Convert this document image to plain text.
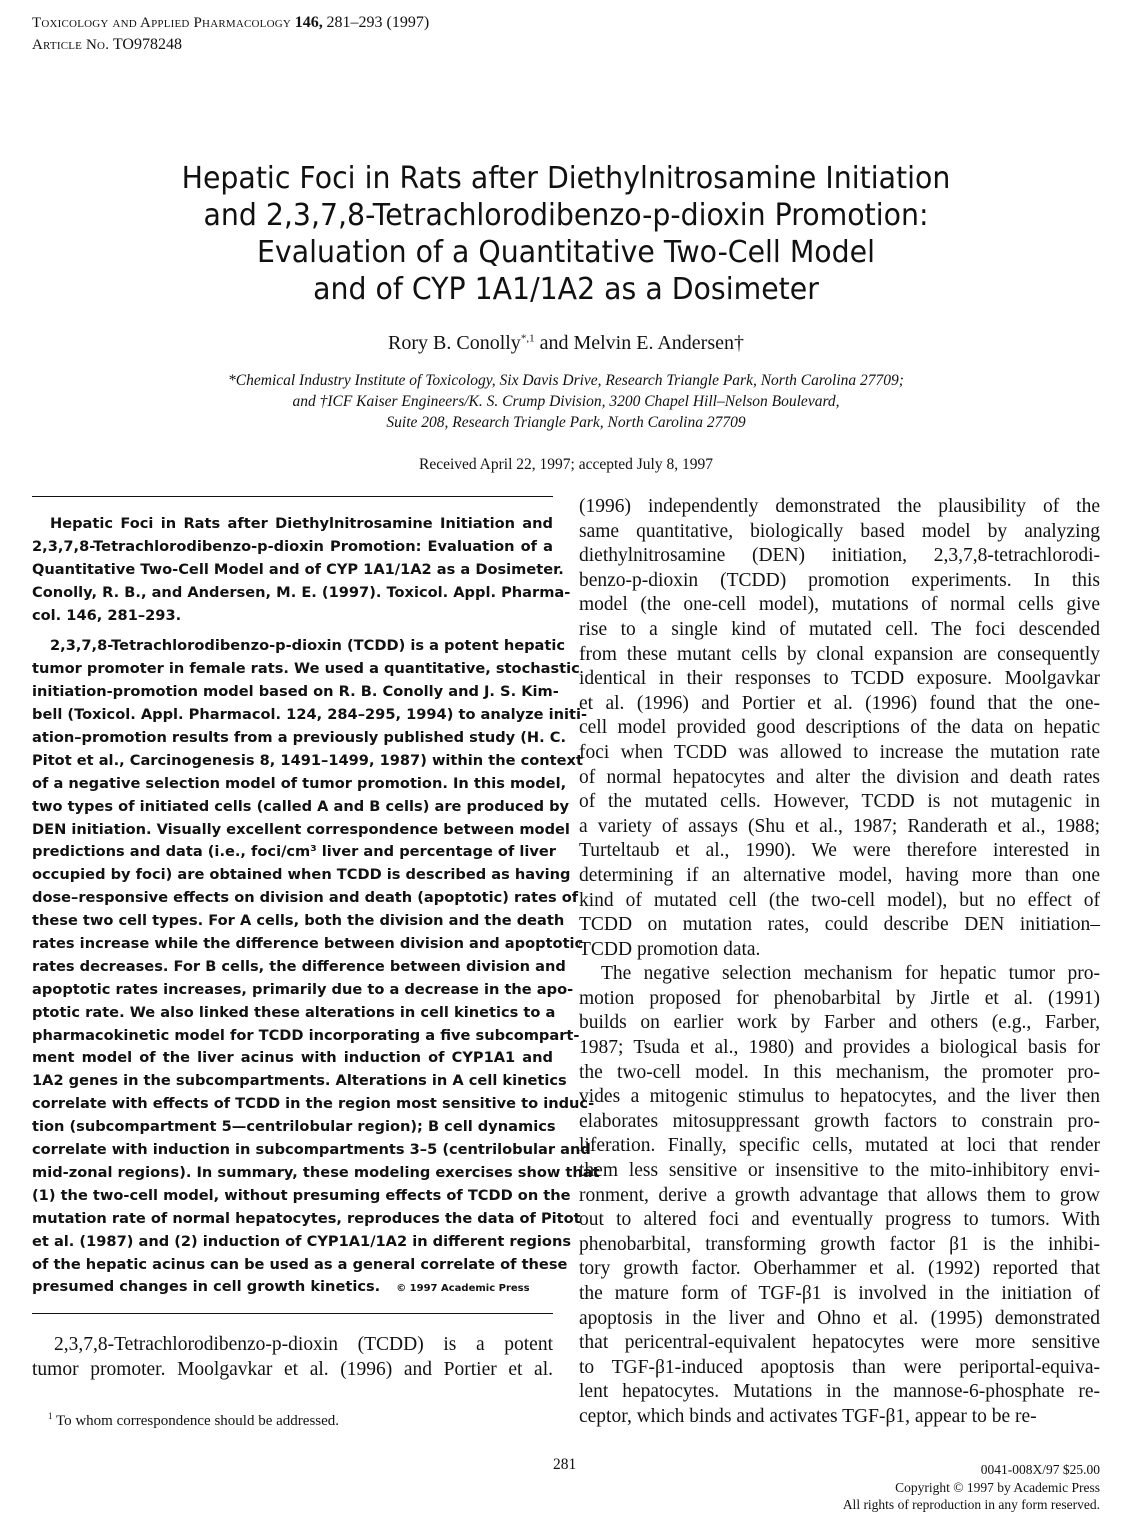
Toxicology and Applied Pharmacology 146, 281–293 (1997)
Article No. TO978248
Hepatic Foci in Rats after Diethylnitrosamine Initiation
and 2,3,7,8-Tetrachlorodibenzo-p-dioxin Promotion:
Evaluation of a Quantitative Two-Cell Model
and of CYP 1A1/1A2 as a Dosimeter
Rory B. Conolly$^{*,1}$ and Melvin E. Andersen†
*Chemical Industry Institute of Toxicology, Six Davis Drive, Research Triangle Park, North Carolina 27709;
and †ICF Kaiser Engineers/K. S. Crump Division, 3200 Chapel Hill–Nelson Boulevard,
Suite 208, Research Triangle Park, North Carolina 27709
Received April 22, 1997; accepted July 8, 1997
Hepatic Foci in Rats after Diethylnitrosamine Initiation and
2,3,7,8-Tetrachlorodibenzo-p-dioxin Promotion: Evaluation of a
Quantitative Two-Cell Model and of CYP 1A1/1A2 as a Dosimeter.
Conolly, R. B., and Andersen, M. E. (1997). Toxicol. Appl. Pharma-
col. 146, 281–293.
2,3,7,8-Tetrachlorodibenzo-p-dioxin (TCDD) is a potent hepatic
tumor promoter in female rats. We used a quantitative, stochastic
initiation-promotion model based on R. B. Conolly and J. S. Kim-
bell (Toxicol. Appl. Pharmacol. 124, 284–295, 1994) to analyze initi-
ation–promotion results from a previously published study (H. C.
Pitot et al., Carcinogenesis 8, 1491–1499, 1987) within the context
of a negative selection model of tumor promotion. In this model,
two types of initiated cells (called A and B cells) are produced by
DEN initiation. Visually excellent correspondence between model
predictions and data (i.e., foci/cm³ liver and percentage of liver
occupied by foci) are obtained when TCDD is described as having
dose–responsive effects on division and death (apoptotic) rates of
these two cell types. For A cells, both the division and the death
rates increase while the difference between division and apoptotic
rates decreases. For B cells, the difference between division and
apoptotic rates increases, primarily due to a decrease in the apo-
ptotic rate. We also linked these alterations in cell kinetics to a
pharmacokinetic model for TCDD incorporating a five subcompart-
ment model of the liver acinus with induction of CYP1A1 and
1A2 genes in the subcompartments. Alterations in A cell kinetics
correlate with effects of TCDD in the region most sensitive to induc-
tion (subcompartment 5—centrilobular region); B cell dynamics
correlate with induction in subcompartments 3–5 (centrilobular and
mid-zonal regions). In summary, these modeling exercises show that
(1) the two-cell model, without presuming effects of TCDD on the
mutation rate of normal hepatocytes, reproduces the data of Pitot
et al. (1987) and (2) induction of CYP1A1/1A2 in different regions
of the hepatic acinus can be used as a general correlate of these
presumed changes in cell growth kinetics. © 1997 Academic Press
2,3,7,8-Tetrachlorodibenzo-p-dioxin (TCDD) is a potent
tumor promoter. Moolgavkar et al. (1996) and Portier et al.
$^1$ To whom correspondence should be addressed.
(1996) independently demonstrated the plausibility of the
same quantitative, biologically based model by analyzing
diethylnitrosamine (DEN) initiation, 2,3,7,8-tetrachlorodi-
benzo-p-dioxin (TCDD) promotion experiments. In this
model (the one-cell model), mutations of normal cells give
rise to a single kind of mutated cell. The foci descended
from these mutant cells by clonal expansion are consequently
identical in their responses to TCDD exposure. Moolgavkar
et al. (1996) and Portier et al. (1996) found that the one-
cell model provided good descriptions of the data on hepatic
foci when TCDD was allowed to increase the mutation rate
of normal hepatocytes and alter the division and death rates
of the mutated cells. However, TCDD is not mutagenic in
a variety of assays (Shu et al., 1987; Randerath et al., 1988;
Turteltaub et al., 1990). We were therefore interested in
determining if an alternative model, having more than one
kind of mutated cell (the two-cell model), but no effect of
TCDD on mutation rates, could describe DEN initiation–
TCDD promotion data.
The negative selection mechanism for hepatic tumor pro-
motion proposed for phenobarbital by Jirtle et al. (1991)
builds on earlier work by Farber and others (e.g., Farber,
1987; Tsuda et al., 1980) and provides a biological basis for
the two-cell model. In this mechanism, the promoter pro-
vides a mitogenic stimulus to hepatocytes, and the liver then
elaborates mitosuppressant growth factors to constrain pro-
liferation. Finally, specific cells, mutated at loci that render
them less sensitive or insensitive to the mito-inhibitory envi-
ronment, derive a growth advantage that allows them to grow
out to altered foci and eventually progress to tumors. With
phenobarbital, transforming growth factor β1 is the inhibi-
tory growth factor. Oberhammer et al. (1992) reported that
the mature form of TGF-β1 is involved in the initiation of
apoptosis in the liver and Ohno et al. (1995) demonstrated
that pericentral-equivalent hepatocytes were more sensitive
to TGF-β1-induced apoptosis than were periportal-equiva-
lent hepatocytes. Mutations in the mannose-6-phosphate re-
ceptor, which binds and activates TGF-β1, appear to be re-
281	0041-008X/97 $25.00
Copyright © 1997 by Academic Press
All rights of reproduction in any form reserved.
